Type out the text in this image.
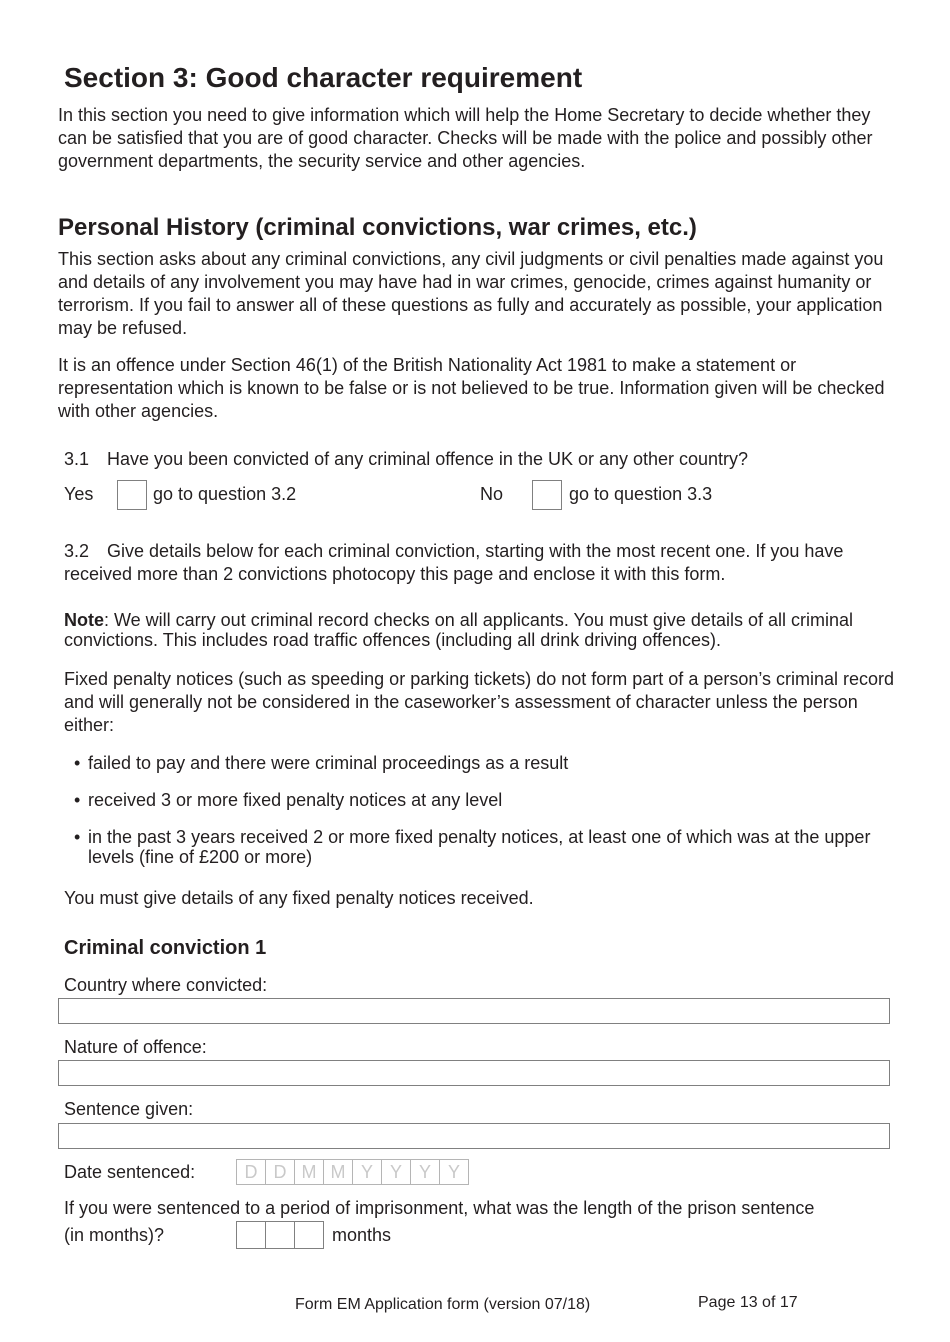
Section 3: Good character requirement

In this section you need to give information which will help the Home Secretary to decide whether they can be satisfied that you are of good character. Checks will be made with the police and possibly other government departments, the security service and other agencies.

Personal History (criminal convictions, war crimes, etc.)

This section asks about any criminal convictions, any civil judgments or civil penalties made against you and details of any involvement you may have had in war crimes, genocide, crimes against humanity or terrorism. If you fail to answer all of these questions as fully and accurately as possible, your application may be refused.

It is an offence under Section 46(1) of the British Nationality Act 1981 to make a statement or representation which is known to be false or is not believed to be true. Information given will be checked with other agencies.

3.1 Have you been convicted of any criminal offence in the UK or any other country?
Yes	go to question 3.2	No	go to question 3.3
3.2 Give details below for each criminal conviction, starting with the most recent one. If you have received more than 2 convictions photocopy this page and enclose it with this form.

Note: We will carry out criminal record checks on all applicants. You must give details of all criminal convictions. This includes road traffic offences (including all drink driving offences).

Fixed penalty notices (such as speeding or parking tickets) do not form part of a person’s criminal record and will generally not be considered in the caseworker’s assessment of character unless the person either:

• failed to pay and there were criminal proceedings as a result
• received 3 or more fixed penalty notices at any level
• in the past 3 years received 2 or more fixed penalty notices, at least one of which was at the upper levels (fine of £200 or more)

You must give details of any fixed penalty notices received.

Criminal conviction 1
Country where convicted:
Nature of offence:
Sentence given:
Date sentenced:	D D M M Y Y Y Y

If you were sentenced to a period of imprisonment, what was the length of the prison sentence

(in months)?	months
Form EM Application form (version 07/18)	Page 13 of 17
